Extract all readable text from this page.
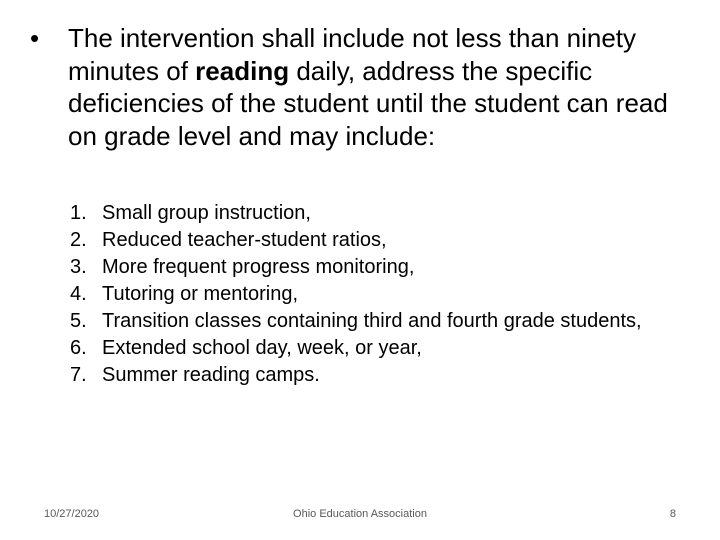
• The intervention shall include not less than ninety minutes of reading daily, address the specific deficiencies of the student until the student can read on grade level and may include:
1. Small group instruction,
2. Reduced teacher-student ratios,
3. More frequent progress monitoring,
4. Tutoring or mentoring,
5. Transition classes containing third and fourth grade students,
6. Extended school day, week, or year,
7. Summer reading camps.
10/27/2020	Ohio Education Association	8
